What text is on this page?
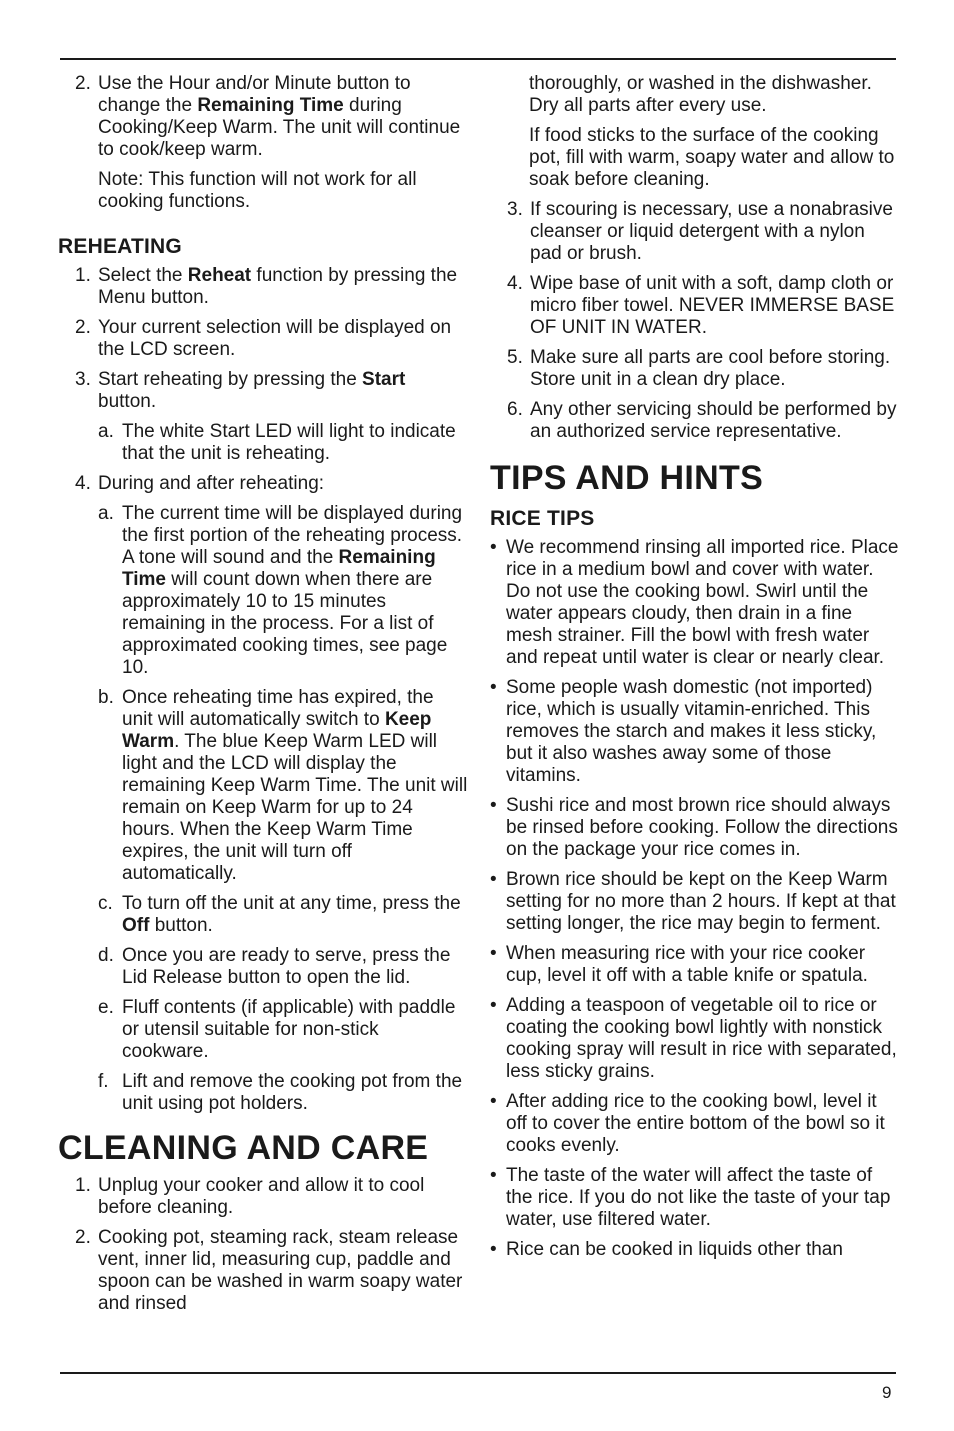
2. Use the Hour and/or Minute button to change the Remaining Time during Cooking/Keep Warm. The unit will continue to cook/keep warm.

Note: This function will not work for all cooking functions.

REHEATING
1. Select the Reheat function by pressing the Menu button.
2. Your current selection will be displayed on the LCD screen.
3. Start reheating by pressing the Start button.
a. The white Start LED will light to indicate that the unit is reheating.
4. During and after reheating:
a. The current time will be displayed during the first portion of the reheating process. A tone will sound and the Remaining Time will count down when there are approximately 10 to 15 minutes remaining in the process. For a list of approximated cooking times, see page 10.
b. Once reheating time has expired, the unit will automatically switch to Keep Warm. The blue Keep Warm LED will light and the LCD will display the remaining Keep Warm Time. The unit will remain on Keep Warm for up to 24 hours. When the Keep Warm Time expires, the unit will turn off automatically.
c. To turn off the unit at any time, press the Off button.
d. Once you are ready to serve, press the Lid Release button to open the lid.
e. Fluff contents (if applicable) with paddle or utensil suitable for non-stick cookware.
f. Lift and remove the cooking pot from the unit using pot holders.
CLEANING AND CARE
1. Unplug your cooker and allow it to cool before cleaning.
2. Cooking pot, steaming rack, steam release vent, inner lid, measuring cup, paddle and spoon can be washed in warm soapy water and rinsed

thoroughly, or washed in the dishwasher. Dry all parts after every use.

If food sticks to the surface of the cooking pot, fill with warm, soapy water and allow to soak before cleaning.

3. If scouring is necessary, use a nonabrasive cleanser or liquid detergent with a nylon pad or brush.
4. Wipe base of unit with a soft, damp cloth or micro fiber towel. NEVER IMMERSE BASE OF UNIT IN WATER.
5. Make sure all parts are cool before storing. Store unit in a clean dry place.
6. Any other servicing should be performed by an authorized service representative.
TIPS AND HINTS
RICE TIPS
• We recommend rinsing all imported rice. Place rice in a medium bowl and cover with water. Do not use the cooking bowl. Swirl until the water appears cloudy, then drain in a fine mesh strainer. Fill the bowl with fresh water and repeat until water is clear or nearly clear.
• Some people wash domestic (not imported) rice, which is usually vitamin-enriched. This removes the starch and makes it less sticky, but it also washes away some of those vitamins.
• Sushi rice and most brown rice should always be rinsed before cooking. Follow the directions on the package your rice comes in.
• Brown rice should be kept on the Keep Warm setting for no more than 2 hours. If kept at that setting longer, the rice may begin to ferment.
• When measuring rice with your rice cooker cup, level it off with a table knife or spatula.
• Adding a teaspoon of vegetable oil to rice or coating the cooking bowl lightly with nonstick cooking spray will result in rice with separated, less sticky grains.
• After adding rice to the cooking bowl, level it off to cover the entire bottom of the bowl so it cooks evenly.
• The taste of the water will affect the taste of the rice. If you do not like the taste of your tap water, use filtered water.
• Rice can be cooked in liquids other than
9
